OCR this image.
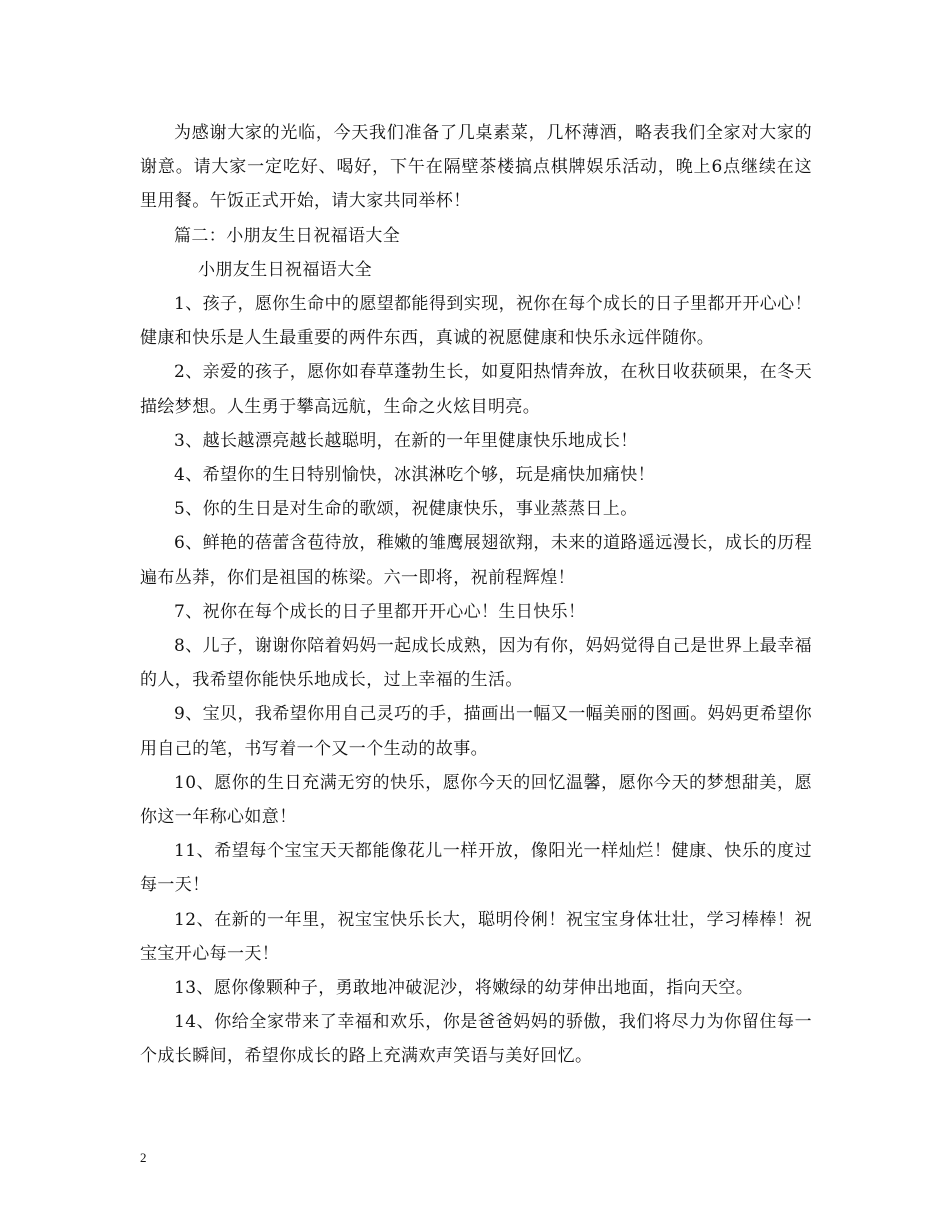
为感谢大家的光临，今天我们准备了几桌素菜，几杯薄酒，略表我们全家对大家的谢意。请大家一定吃好、喝好，下午在隔壁茶楼搞点棋牌娱乐活动，晚上6点继续在这里用餐。午饭正式开始，请大家共同举杯！

篇二：小朋友生日祝福语大全

小朋友生日祝福语大全

1、孩子，愿你生命中的愿望都能得到实现，祝你在每个成长的日子里都开开心心！健康和快乐是人生最重要的两件东西，真诚的祝愿健康和快乐永远伴随你。

2、亲爱的孩子，愿你如春草蓬勃生长，如夏阳热情奔放，在秋日收获硕果，在冬天描绘梦想。人生勇于攀高远航，生命之火炫目明亮。

3、越长越漂亮越长越聪明，在新的一年里健康快乐地成长！

4、希望你的生日特别愉快，冰淇淋吃个够，玩是痛快加痛快！

5、你的生日是对生命的歌颂，祝健康快乐，事业蒸蒸日上。

6、鲜艳的蓓蕾含苞待放，稚嫩的雏鹰展翅欲翔，未来的道路遥远漫长，成长的历程遍布丛莽，你们是祖国的栋梁。六一即将，祝前程辉煌！

7、祝你在每个成长的日子里都开开心心！生日快乐！

8、儿子，谢谢你陪着妈妈一起成长成熟，因为有你，妈妈觉得自己是世界上最幸福的人，我希望你能快乐地成长，过上幸福的生活。

9、宝贝，我希望你用自己灵巧的手，描画出一幅又一幅美丽的图画。妈妈更希望你用自己的笔，书写着一个又一个生动的故事。

10、愿你的生日充满无穷的快乐，愿你今天的回忆温馨，愿你今天的梦想甜美，愿你这一年称心如意！

11、希望每个宝宝天天都能像花儿一样开放，像阳光一样灿烂！健康、快乐的度过每一天！

12、在新的一年里，祝宝宝快乐长大，聪明伶俐！祝宝宝身体壮壮，学习棒棒！祝宝宝开心每一天！

13、愿你像颗种子，勇敢地冲破泥沙，将嫩绿的幼芽伸出地面，指向天空。

14、你给全家带来了幸福和欢乐，你是爸爸妈妈的骄傲，我们将尽力为你留住每一个成长瞬间，希望你成长的路上充满欢声笑语与美好回忆。

2
